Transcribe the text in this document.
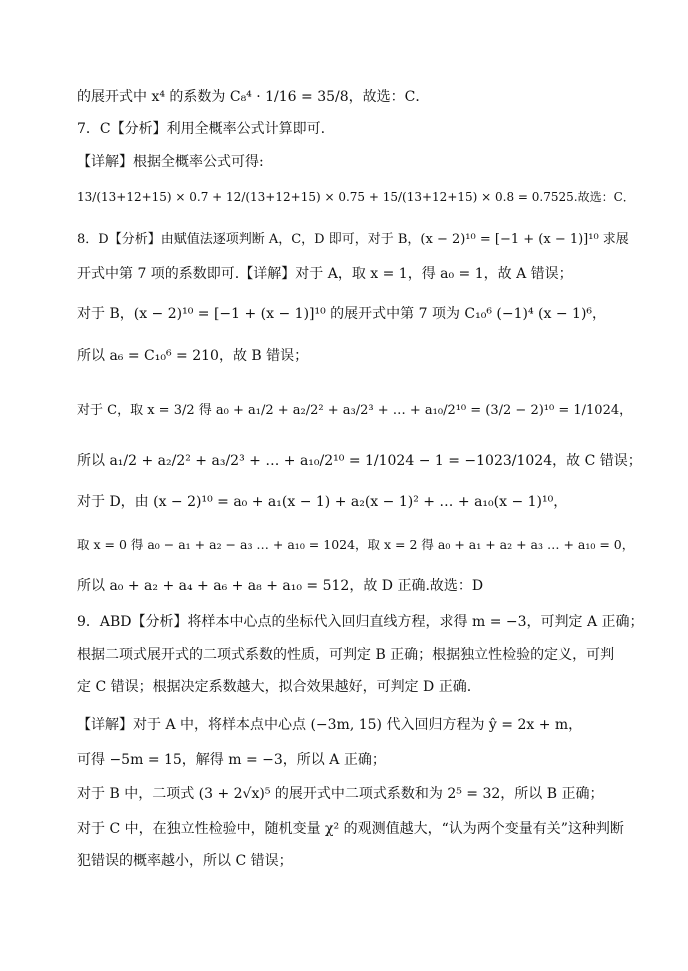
的展开式中 x⁴ 的系数为 C₈⁴ · 1/16 = 35/8，故选：C．
7．C【分析】利用全概率公式计算即可.
【详解】根据全概率公式可得:
13/(13+12+15) × 0.7 + 12/(13+12+15) × 0.75 + 15/(13+12+15) × 0.8 = 0.7525.故选：C．
8．D【分析】由赋值法逐项判断 A，C，D 即可，对于 B，(x − 2)¹⁰ = [−1 + (x − 1)]¹⁰ 求展
开式中第 7 项的系数即可.【详解】对于 A，取 x = 1，得 a₀ = 1，故 A 错误；
对于 B，(x − 2)¹⁰ = [−1 + (x − 1)]¹⁰ 的展开式中第 7 项为 C₁₀⁶ (−1)⁴ (x − 1)⁶，
所以 a₆ = C₁₀⁶ = 210，故 B 错误；
对于 C，取 x = 3/2 得 a₀ + a₁/2 + a₂/2² + a₃/2³ + … + a₁₀/2¹⁰ = (3/2 − 2)¹⁰ = 1/1024，
所以 a₁/2 + a₂/2² + a₃/2³ + … + a₁₀/2¹⁰ = 1/1024 − 1 = −1023/1024，故 C 错误；
对于 D，由 (x − 2)¹⁰ = a₀ + a₁(x − 1) + a₂(x − 1)² + … + a₁₀(x − 1)¹⁰，
取 x = 0 得 a₀ − a₁ + a₂ − a₃ … + a₁₀ = 1024，取 x = 2 得 a₀ + a₁ + a₂ + a₃ … + a₁₀ = 0，
所以 a₀ + a₂ + a₄ + a₆ + a₈ + a₁₀ = 512，故 D 正确.故选：D
9．ABD【分析】将样本中心点的坐标代入回归直线方程，求得 m = −3，可判定 A 正确；
根据二项式展开式的二项式系数的性质，可判定 B 正确；根据独立性检验的定义，可判
定 C 错误；根据决定系数越大，拟合效果越好，可判定 D 正确.
【详解】对于 A 中，将样本点中心点 (−3m, 15) 代入回归方程为 ŷ = 2x + m，
可得 −5m = 15，解得 m = −3，所以 A 正确；
对于 B 中，二项式 (3 + 2√x)⁵ 的展开式中二项式系数和为 2⁵ = 32，所以 B 正确；
对于 C 中，在独立性检验中，随机变量 χ² 的观测值越大，“认为两个变量有关”这种判断
犯错误的概率越小，所以 C 错误；
